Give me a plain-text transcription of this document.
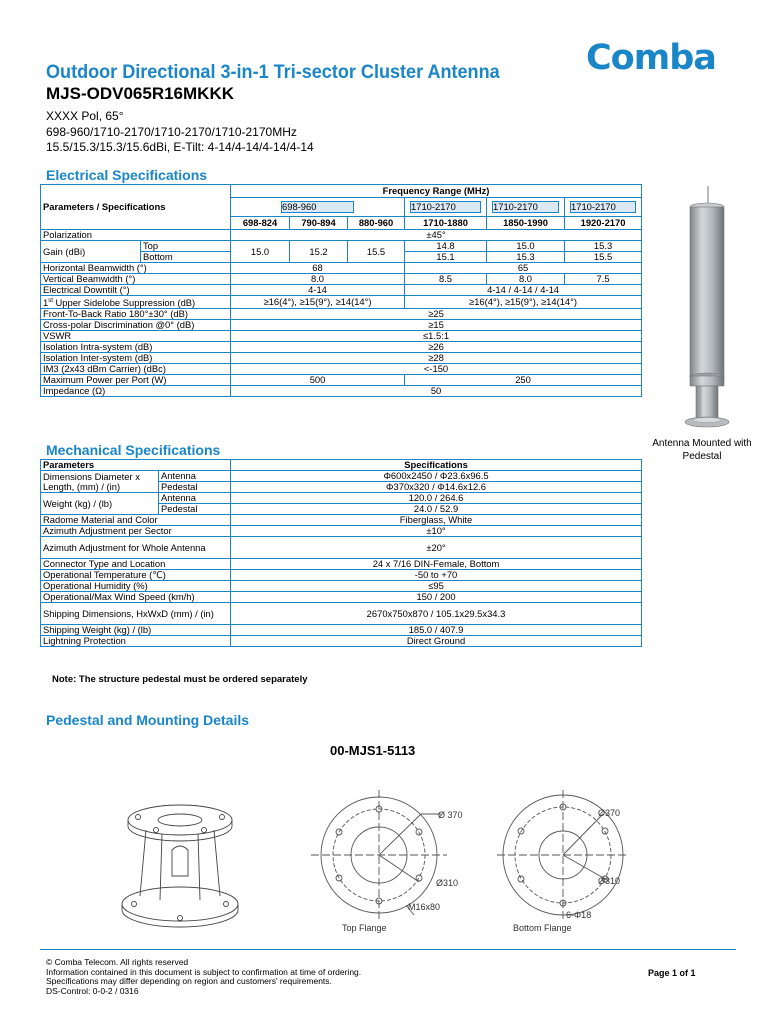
Comba
Outdoor Directional 3-in-1 Tri-sector Cluster Antenna
MJS-ODV065R16MKKK
XXXX Pol, 65°
698-960/1710-2170/1710-2170/1710-2170MHz
15.5/15.3/15.3/15.6dBi, E-Tilt: 4-14/4-14/4-14/4-14
Electrical Specifications
Parameters / Specifications		Frequency Range (MHz)					

		698-960			1710-2170	1710-2170	1710-2170

		698-824	790-894	880-960	1710-1880	1850-1990	1920-2170
Polarization		±45°					
Gain (dBi)	Top	15.0	15.2	15.5	14.8	15.0	15.3
	Bottom				15.1	15.3	15.5
Horizontal Beamwidth (°)		68			65		
Vertical Beamwidth (°)		8.0			8.5	8.0	7.5
Electrical Downtilt (°)		4-14			4-14 / 4-14 / 4-14		
1st Upper Sidelobe Suppression (dB)		≥16(4°), ≥15(9°), ≥14(14°)			≥16(4°), ≥15(9°), ≥14(14°)		
Front-To-Back Ratio 180°±30° (dB)		≥25					
Cross-polar Discrimination @0° (dB)		≥15					
VSWR		≤1.5:1					
Isolation Intra-system (dB)		≥26					
Isolation Inter-system (dB)		≥28					
IM3 (2x43 dBm Carrier) (dBc)		<-150					
Maximum Power per Port (W)		500			250		
Impedance (Ω)		50					
Mechanical Specifications
Parameters		Specifications
Dimensions Diameter x Length, (mm) / (in)	Antenna	Φ600x2450 / Φ23.6x96.5
	Pedestal	Φ370x320 / Φ14.6x12.6
Weight (kg) / (lb)	Antenna	120.0 / 264.6
	Pedestal	24.0 / 52.9
Radome Material and Color		Fiberglass, White
Azimuth Adjustment per Sector		±10°
Azimuth Adjustment for Whole Antenna		±20°
Connector Type and Location		24 x 7/16 DIN-Female, Bottom
Operational Temperature (℃)		-50 to +70
Operational Humidity (%)		≤95
Operational/Max Wind Speed (km/h)		150 / 200
Shipping Dimensions, HxWxD (mm) / (in)		2670x750x870 / 105.1x29.5x34.3
Shipping Weight (kg) / (lb)		185.0 / 407.9
Lightning Protection		Direct Ground
Antenna Mounted with Pedestal
Note: The structure pedestal must be ordered separately
Pedestal and Mounting Details
00-MJS1-5113
Ø 370
Ø310
M16x80
Top Flange
Ø370
Ø310
6-Φ18
Bottom Flange
© Comba Telecom. All rights reserved
Information contained in this document is subject to confirmation at time of ordering.
Specifications may differ depending on region and customers' requirements.
DS-Control: 0-0-2 / 0316
Page 1 of 1
